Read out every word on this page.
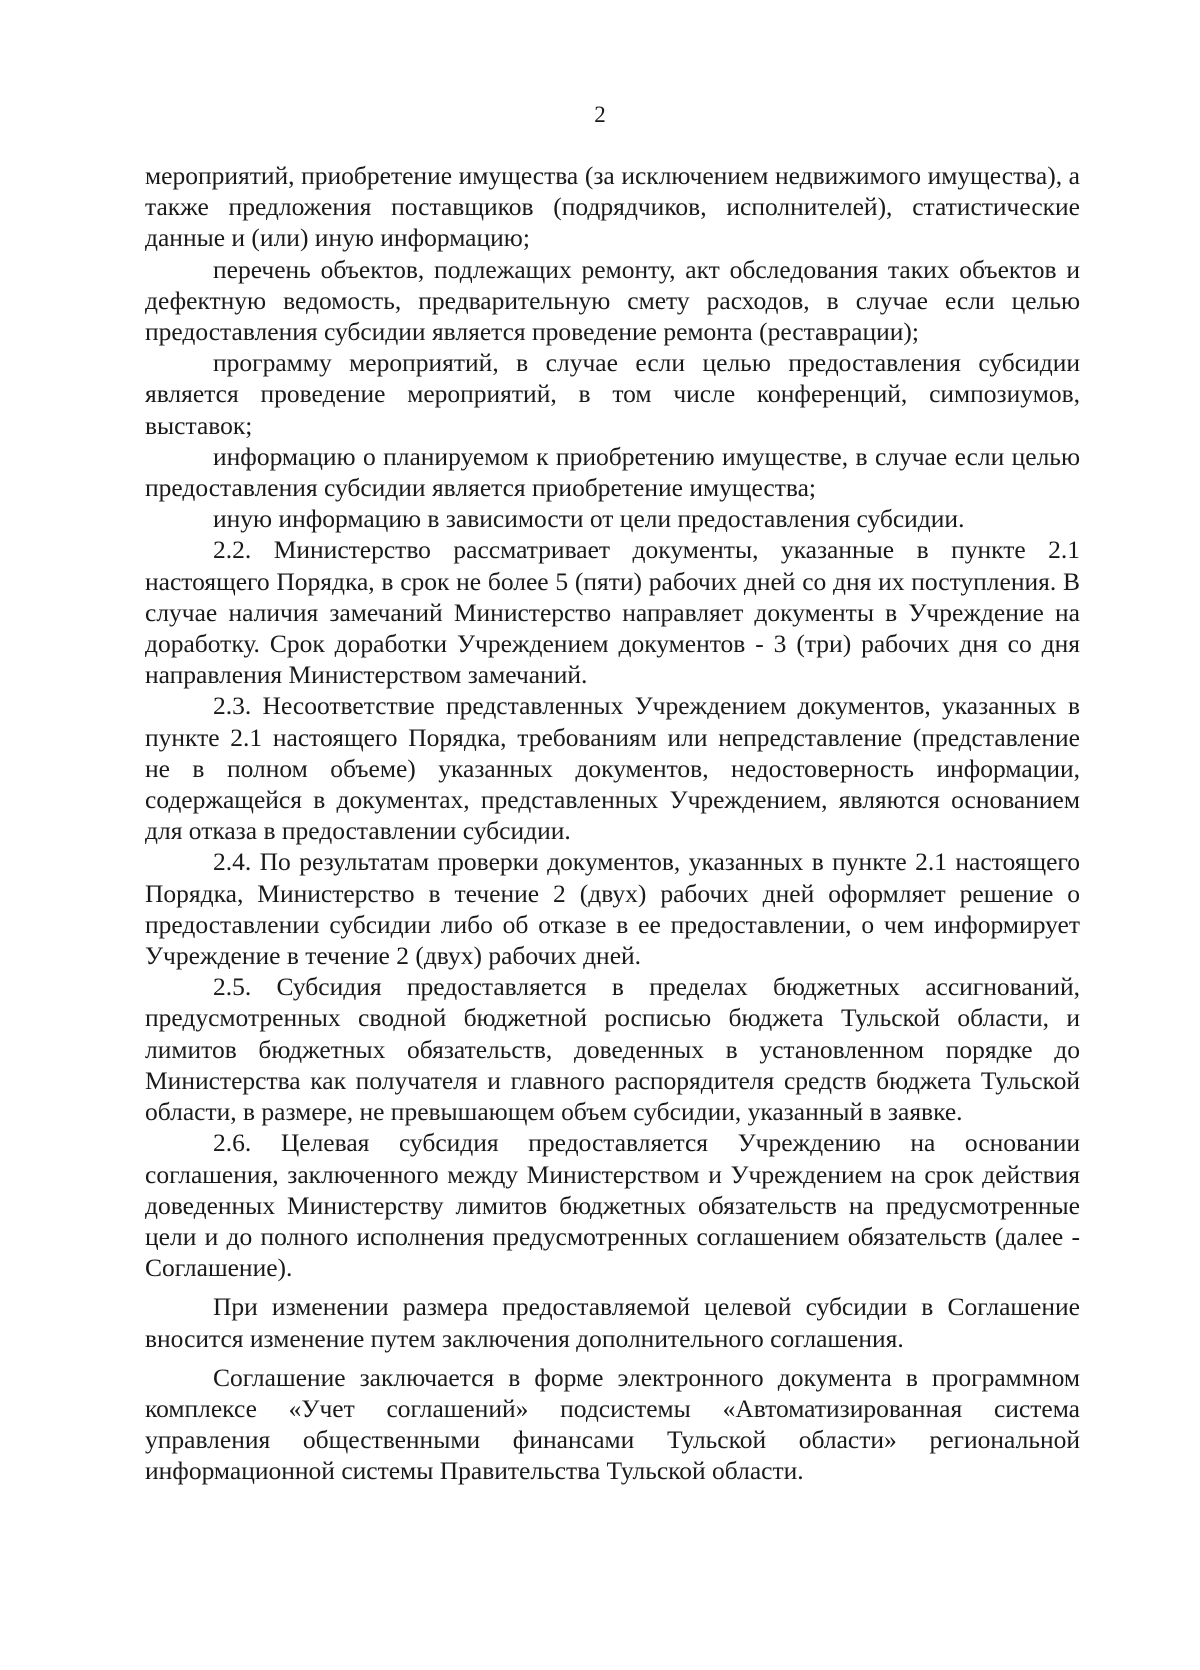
2

мероприятий, приобретение имущества (за исключением недвижимого имущества), а также предложения поставщиков (подрядчиков, исполнителей), статистические данные и (или) иную информацию;

перечень объектов, подлежащих ремонту, акт обследования таких объектов и дефектную ведомость, предварительную смету расходов, в случае если целью предоставления субсидии является проведение ремонта (реставрации);

программу мероприятий, в случае если целью предоставления субсидии является проведение мероприятий, в том числе конференций, симпозиумов, выставок;

информацию о планируемом к приобретению имуществе, в случае если целью предоставления субсидии является приобретение имущества;

иную информацию в зависимости от цели предоставления субсидии.

2.2. Министерство рассматривает документы, указанные в пункте 2.1 настоящего Порядка, в срок не более 5 (пяти) рабочих дней со дня их поступления. В случае наличия замечаний Министерство направляет документы в Учреждение на доработку. Срок доработки Учреждением документов - 3 (три) рабочих дня со дня направления Министерством замечаний.

2.3. Несоответствие представленных Учреждением документов, указанных в пункте 2.1 настоящего Порядка, требованиям или непредставление (представление не в полном объеме) указанных документов, недостоверность информации, содержащейся в документах, представленных Учреждением, являются основанием для отказа в предоставлении субсидии.

2.4. По результатам проверки документов, указанных в пункте 2.1 настоящего Порядка, Министерство в течение 2 (двух) рабочих дней оформляет решение о предоставлении субсидии либо об отказе в ее предоставлении, о чем информирует Учреждение в течение 2 (двух) рабочих дней.

2.5. Субсидия предоставляется в пределах бюджетных ассигнований, предусмотренных сводной бюджетной росписью бюджета Тульской области, и лимитов бюджетных обязательств, доведенных в установленном порядке до Министерства как получателя и главного распорядителя средств бюджета Тульской области, в размере, не превышающем объем субсидии, указанный в заявке.

2.6. Целевая субсидия предоставляется Учреждению на основании соглашения, заключенного между Министерством и Учреждением на срок действия доведенных Министерству лимитов бюджетных обязательств на предусмотренные цели и до полного исполнения предусмотренных соглашением обязательств (далее - Соглашение).

При изменении размера предоставляемой целевой субсидии в Соглашение вносится изменение путем заключения дополнительного соглашения.

Соглашение заключается в форме электронного документа в программном комплексе «Учет соглашений» подсистемы «Автоматизированная система управления общественными финансами Тульской области» региональной информационной системы Правительства Тульской области.
